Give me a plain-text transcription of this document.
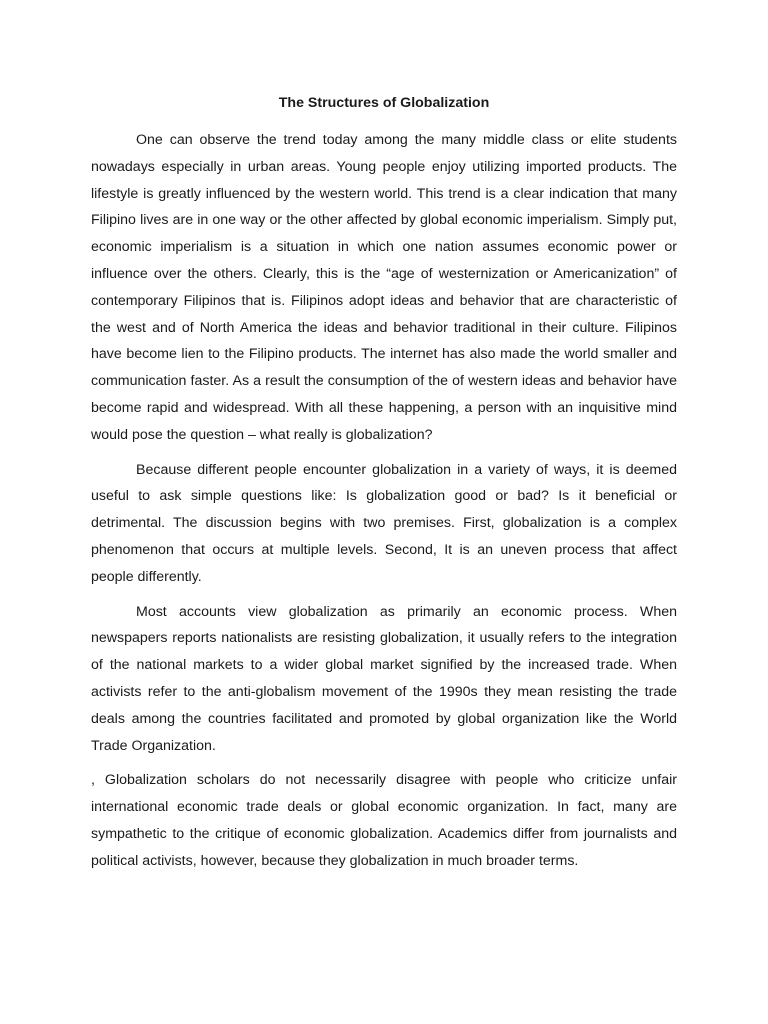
The Structures of Globalization

One can observe the trend today among the many middle class or elite students nowadays especially in urban areas. Young people enjoy utilizing imported products. The lifestyle is greatly influenced by the western world. This trend is a clear indication that many Filipino lives are in one way or the other affected by global economic imperialism. Simply put, economic imperialism is a situation in which one nation assumes economic power or influence over the others. Clearly, this is the “age of westernization or Americanization” of contemporary Filipinos that is. Filipinos adopt ideas and behavior that are characteristic of the west and of North America the ideas and behavior traditional in their culture. Filipinos have become lien to the Filipino products. The internet has also made the world smaller and communication faster. As a result the consumption of the of western ideas and behavior have become rapid and widespread. With all these happening, a person with an inquisitive mind would pose the question – what really is globalization?

Because different people encounter globalization in a variety of ways, it is deemed useful to ask simple questions like: Is globalization good or bad? Is it beneficial or detrimental. The discussion begins with two premises. First, globalization is a complex phenomenon that occurs at multiple levels. Second, It is an uneven process that affect people differently.

Most accounts view globalization as primarily an economic process. When newspapers reports nationalists are resisting globalization, it usually refers to the integration of the national markets to a wider global market signified by the increased trade. When activists refer to the anti-globalism movement of the 1990s they mean resisting the trade deals among the countries facilitated and promoted by global organization like the World Trade Organization.

, Globalization scholars do not necessarily disagree with people who criticize unfair international economic trade deals or global economic organization. In fact, many are sympathetic to the critique of economic globalization. Academics differ from journalists and political activists, however, because they globalization in much broader terms.
